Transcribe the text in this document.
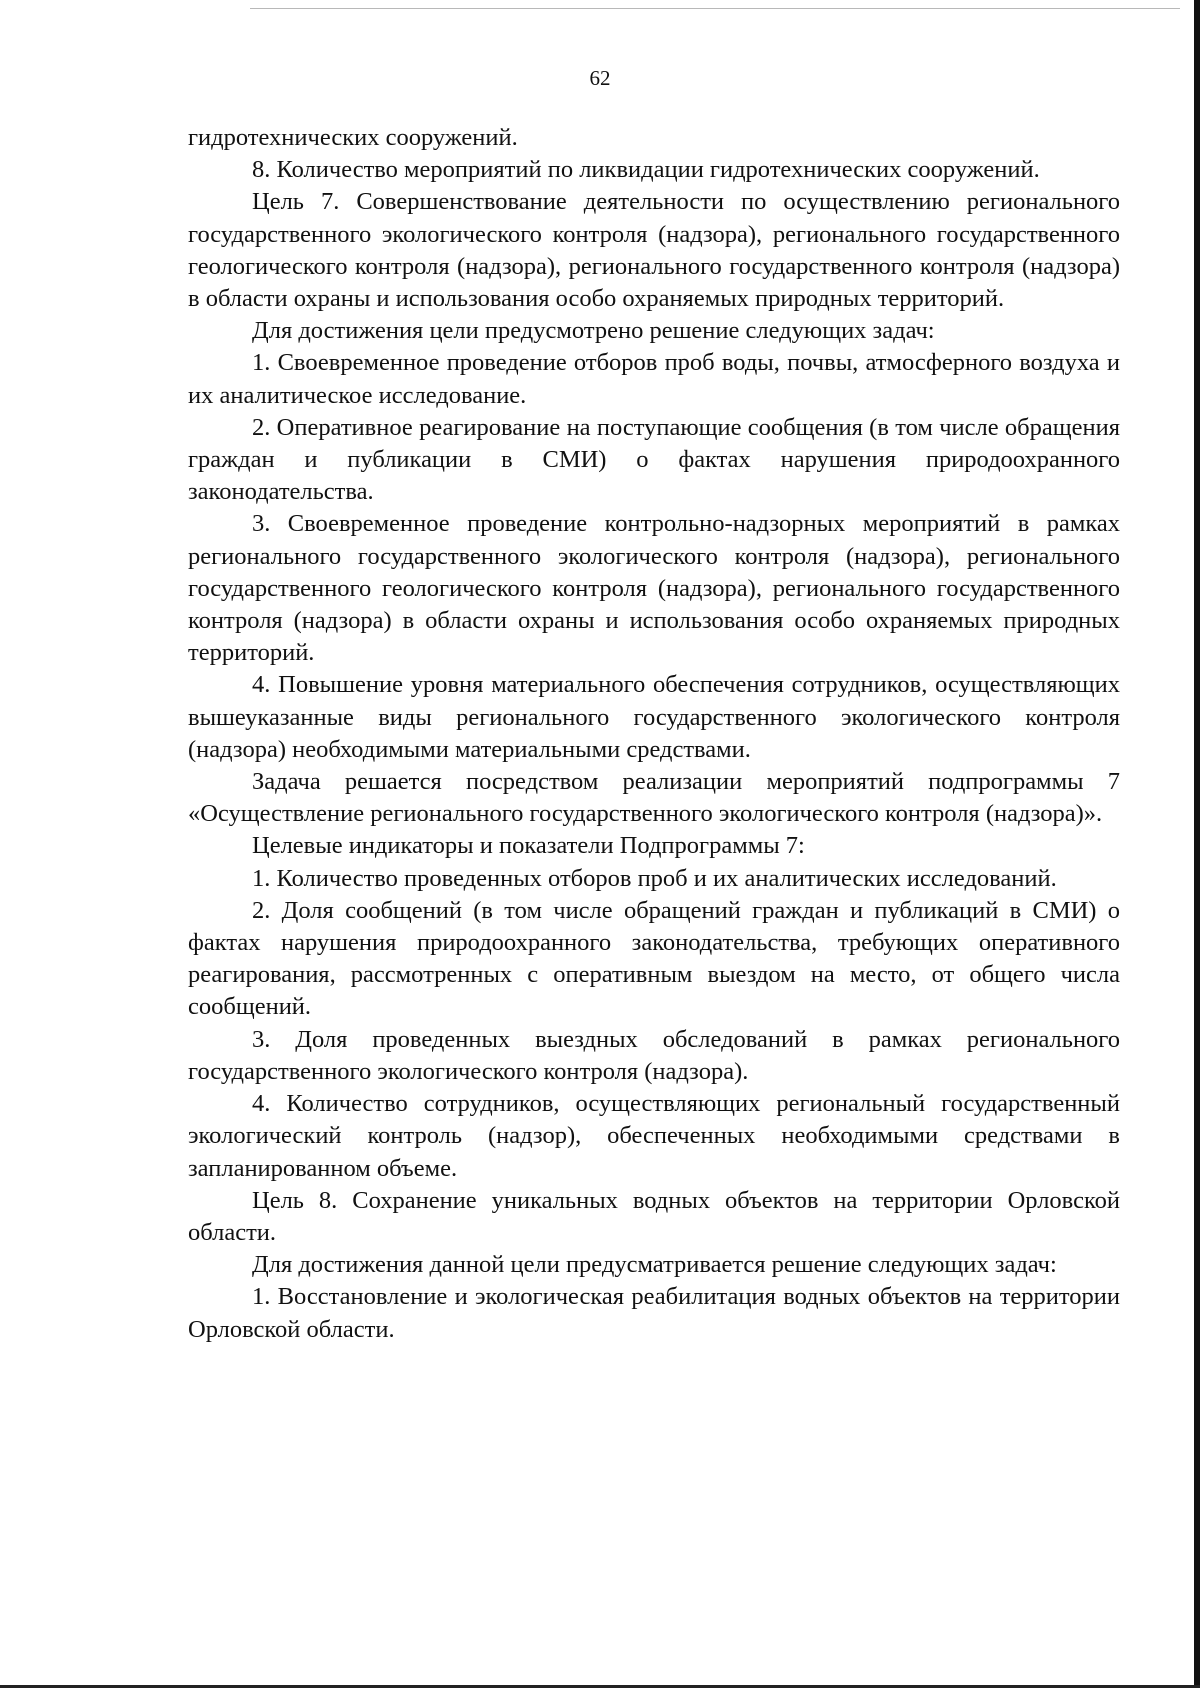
62

гидротехнических сооружений.

8. Количество мероприятий по ликвидации гидротехнических сооружений.

Цель 7. Совершенствование деятельности по осуществлению регионального государственного экологического контроля (надзора), регионального государственного геологического контроля (надзора), регионального государственного контроля (надзора) в области охраны и использования особо охраняемых природных территорий.

Для достижения цели предусмотрено решение следующих задач:

1. Своевременное проведение отборов проб воды, почвы, атмосферного воздуха и их аналитическое исследование.

2. Оперативное реагирование на поступающие сообщения (в том числе обращения граждан и публикации в СМИ) о фактах нарушения природоохранного законодательства.

3. Своевременное проведение контрольно-надзорных мероприятий в рамках регионального государственного экологического контроля (надзора), регионального государственного геологического контроля (надзора), регионального государственного контроля (надзора) в области охраны и использования особо охраняемых природных территорий.

4. Повышение уровня материального обеспечения сотрудников, осуществляющих вышеуказанные виды регионального государственного экологического контроля (надзора) необходимыми материальными средствами.

Задача решается посредством реализации мероприятий подпрограммы 7 «Осуществление регионального государственного экологического контроля (надзора)».

Целевые индикаторы и показатели Подпрограммы 7:

1. Количество проведенных отборов проб и их аналитических исследований.

2. Доля сообщений (в том числе обращений граждан и публикаций в СМИ) о фактах нарушения природоохранного законодательства, требующих оперативного реагирования, рассмотренных с оперативным выездом на место, от общего числа сообщений.

3. Доля проведенных выездных обследований в рамках регионального государственного экологического контроля (надзора).

4. Количество сотрудников, осуществляющих региональный государственный экологический контроль (надзор), обеспеченных необходимыми средствами в запланированном объеме.

Цель 8. Сохранение уникальных водных объектов на территории Орловской области.

Для достижения данной цели предусматривается решение следующих задач:

1. Восстановление и экологическая реабилитация водных объектов на территории Орловской области.
